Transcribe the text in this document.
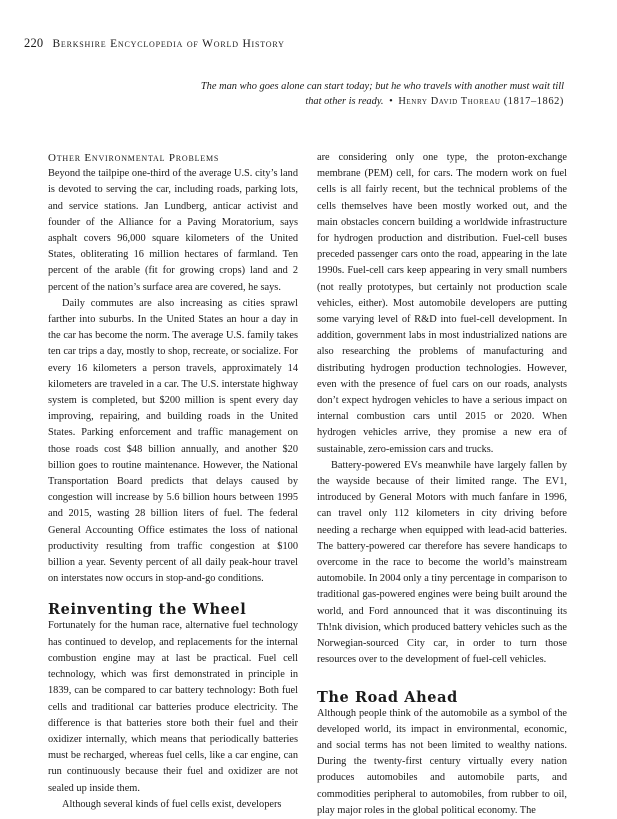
220 Berkshire Encyclopedia of World History
The man who goes alone can start today; but he who travels with another must wait till that other is ready. • Henry David Thoreau (1817–1862)
Other Environmental Problems

Beyond the tailpipe one-third of the average U.S. city’s land is devoted to serving the car, including roads, parking lots, and service stations. Jan Lundberg, anticar activist and founder of the Alliance for a Paving Moratorium, says asphalt covers 96,000 square kilometers of the United States, obliterating 16 million hectares of farmland. Ten percent of the arable (fit for growing crops) land and 2 percent of the nation’s surface area are covered, he says.

Daily commutes are also increasing as cities sprawl farther into suburbs. In the United States an hour a day in the car has become the norm. The average U.S. family takes ten car trips a day, mostly to shop, recreate, or socialize. For every 16 kilometers a person travels, approximately 14 kilometers are traveled in a car. The U.S. interstate highway system is completed, but $200 million is spent every day improving, repairing, and building roads in the United States. Parking enforcement and traffic management on those roads cost $48 billion annually, and another $20 billion goes to routine maintenance. However, the National Transportation Board predicts that delays caused by congestion will increase by 5.6 billion hours between 1995 and 2015, wasting 28 billion liters of fuel. The federal General Accounting Office estimates the loss of national productivity resulting from traffic congestion at $100 billion a year. Seventy percent of all daily peak-hour travel on interstates now occurs in stop-and-go conditions.

Reinventing the Wheel

Fortunately for the human race, alternative fuel technology has continued to develop, and replacements for the internal combustion engine may at last be practical. Fuel cell technology, which was first demonstrated in principle in 1839, can be compared to car battery technology: Both fuel cells and traditional car batteries produce electricity. The difference is that batteries store both their fuel and their oxidizer internally, which means that periodically batteries must be recharged, whereas fuel cells, like a car engine, can run continuously because their fuel and oxidizer are not sealed up inside them.

Although several kinds of fuel cells exist, developers

are considering only one type, the proton-exchange membrane (PEM) cell, for cars. The modern work on fuel cells is all fairly recent, but the technical problems of the cells themselves have been mostly worked out, and the main obstacles concern building a worldwide infrastructure for hydrogen production and distribution. Fuel-cell buses preceded passenger cars onto the road, appearing in the late 1990s. Fuel-cell cars keep appearing in very small numbers (not really prototypes, but certainly not production scale vehicles, either). Most automobile developers are putting some varying level of R&D into fuel-cell development. In addition, government labs in most industrialized nations are also researching the problems of manufacturing and distributing hydrogen production technologies. However, even with the presence of fuel cars on our roads, analysts don’t expect hydrogen vehicles to have a serious impact on internal combustion cars until 2015 or 2020. When hydrogen vehicles arrive, they promise a new era of sustainable, zero-emission cars and trucks.

Battery-powered EVs meanwhile have largely fallen by the wayside because of their limited range. The EV1, introduced by General Motors with much fanfare in 1996, can travel only 112 kilometers in city driving before needing a recharge when equipped with lead-acid batteries. The battery-powered car therefore has severe handicaps to overcome in the race to become the world’s mainstream automobile. In 2004 only a tiny percentage in comparison to traditional gas-powered engines were being built around the world, and Ford announced that it was discontinuing its Th!nk division, which produced battery vehicles such as the Norwegian-sourced City car, in order to turn those resources over to the development of fuel-cell vehicles.

The Road Ahead

Although people think of the automobile as a symbol of the developed world, its impact in environmental, economic, and social terms has not been limited to wealthy nations. During the twenty-first century virtually every nation produces automobiles and automobile parts, and commodities peripheral to automobiles, from rubber to oil, play major roles in the global political economy. The
